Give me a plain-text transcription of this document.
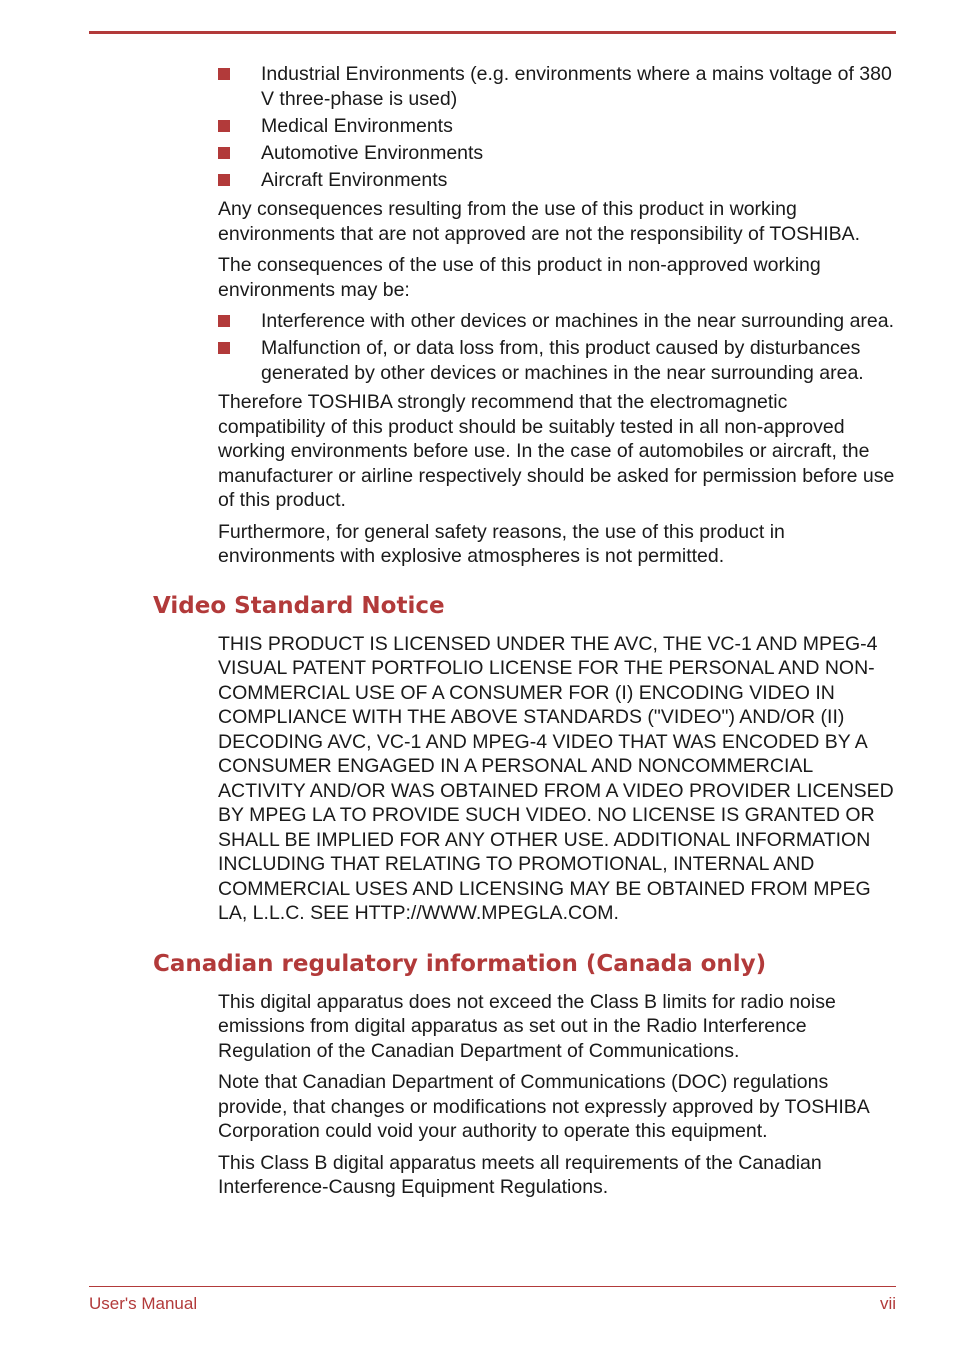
Industrial Environments (e.g. environments where a mains voltage of 380 V three-phase is used)
Medical Environments
Automotive Environments
Aircraft Environments

Any consequences resulting from the use of this product in working environments that are not approved are not the responsibility of TOSHIBA.

The consequences of the use of this product in non-approved working environments may be:

Interference with other devices or machines in the near surrounding area.
Malfunction of, or data loss from, this product caused by disturbances generated by other devices or machines in the near surrounding area.

Therefore TOSHIBA strongly recommend that the electromagnetic compatibility of this product should be suitably tested in all non-approved working environments before use. In the case of automobiles or aircraft, the manufacturer or airline respectively should be asked for permission before use of this product.

Furthermore, for general safety reasons, the use of this product in environments with explosive atmospheres is not permitted.

Video Standard Notice

THIS PRODUCT IS LICENSED UNDER THE AVC, THE VC-1 AND MPEG-4 VISUAL PATENT PORTFOLIO LICENSE FOR THE PERSONAL AND NON-COMMERCIAL USE OF A CONSUMER FOR (I) ENCODING VIDEO IN COMPLIANCE WITH THE ABOVE STANDARDS ("VIDEO") AND/OR (II) DECODING AVC, VC-1 AND MPEG-4 VIDEO THAT WAS ENCODED BY A CONSUMER ENGAGED IN A PERSONAL AND NONCOMMERCIAL ACTIVITY AND/OR WAS OBTAINED FROM A VIDEO PROVIDER LICENSED BY MPEG LA TO PROVIDE SUCH VIDEO. NO LICENSE IS GRANTED OR SHALL BE IMPLIED FOR ANY OTHER USE. ADDITIONAL INFORMATION INCLUDING THAT RELATING TO PROMOTIONAL, INTERNAL AND COMMERCIAL USES AND LICENSING MAY BE OBTAINED FROM MPEG LA, L.L.C. SEE HTTP://WWW.MPEGLA.COM.

Canadian regulatory information (Canada only)

This digital apparatus does not exceed the Class B limits for radio noise emissions from digital apparatus as set out in the Radio Interference Regulation of the Canadian Department of Communications.

Note that Canadian Department of Communications (DOC) regulations provide, that changes or modifications not expressly approved by TOSHIBA Corporation could void your authority to operate this equipment.

This Class B digital apparatus meets all requirements of the Canadian Interference-Causng Equipment Regulations.

User's Manual	vii
